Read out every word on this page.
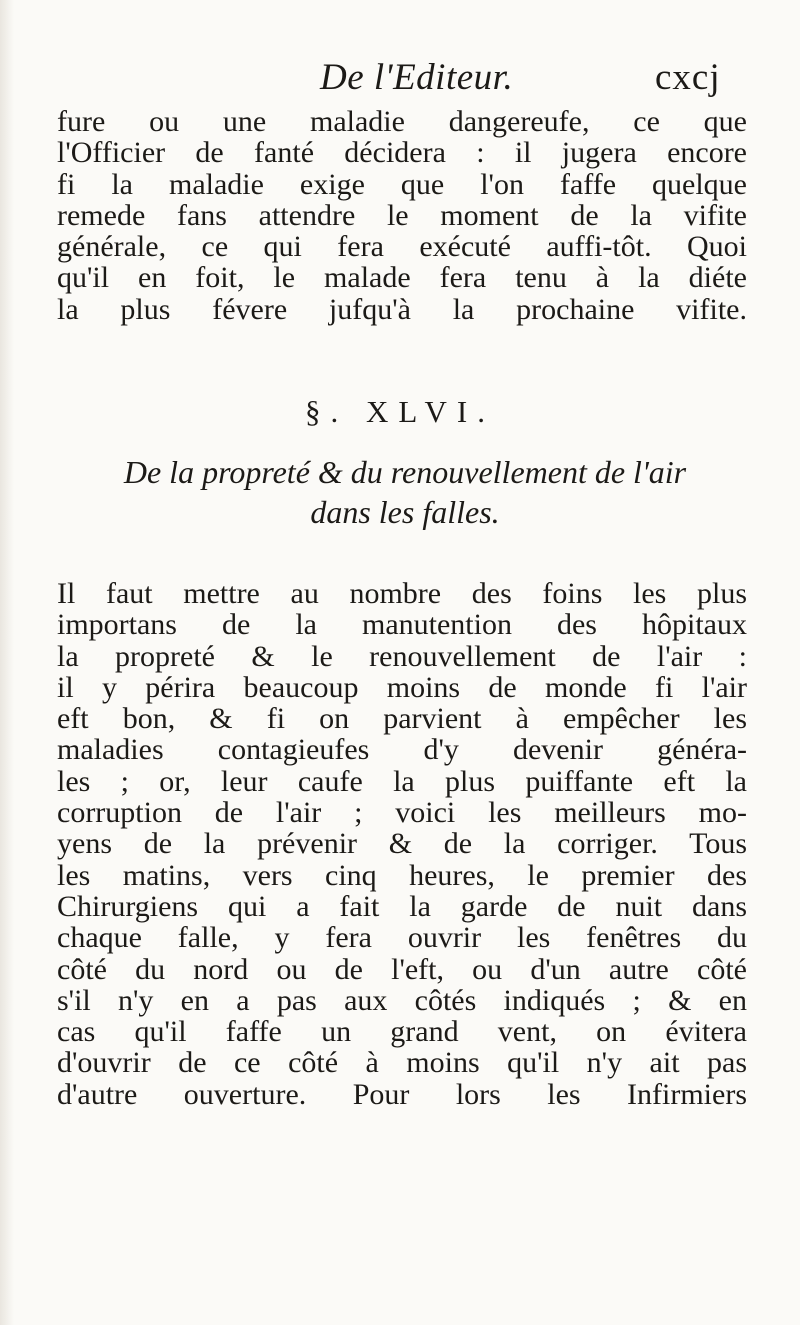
De l'Editeur.	cxcj
fure ou une maladie dangereufe, ce que
l'Officier de fanté décidera : il jugera encore
fi la maladie exige que l'on faffe quelque
remede fans attendre le moment de la vifite
générale, ce qui fera exécuté auffi-tôt. Quoi
qu'il en foit, le malade fera tenu à la diéte
la plus févere jufqu'à la prochaine vifite.
§. XLVI.
De la propreté & du renouvellement de l'air
dans les falles.
Il faut mettre au nombre des foins les plus
importans de la manutention des hôpitaux
la propreté & le renouvellement de l'air :
il y périra beaucoup moins de monde fi l'air
eft bon, & fi on parvient à empêcher les
maladies contagieufes d'y devenir généra-
les ; or, leur caufe la plus puiffante eft la
corruption de l'air ; voici les meilleurs mo-
yens de la prévenir & de la corriger. Tous
les matins, vers cinq heures, le premier des
Chirurgiens qui a fait la garde de nuit dans
chaque falle, y fera ouvrir les fenêtres du
côté du nord ou de l'eft, ou d'un autre côté
s'il n'y en a pas aux côtés indiqués ; & en
cas qu'il faffe un grand vent, on évitera
d'ouvrir de ce côté à moins qu'il n'y ait pas
d'autre ouverture. Pour lors les Infirmiers
